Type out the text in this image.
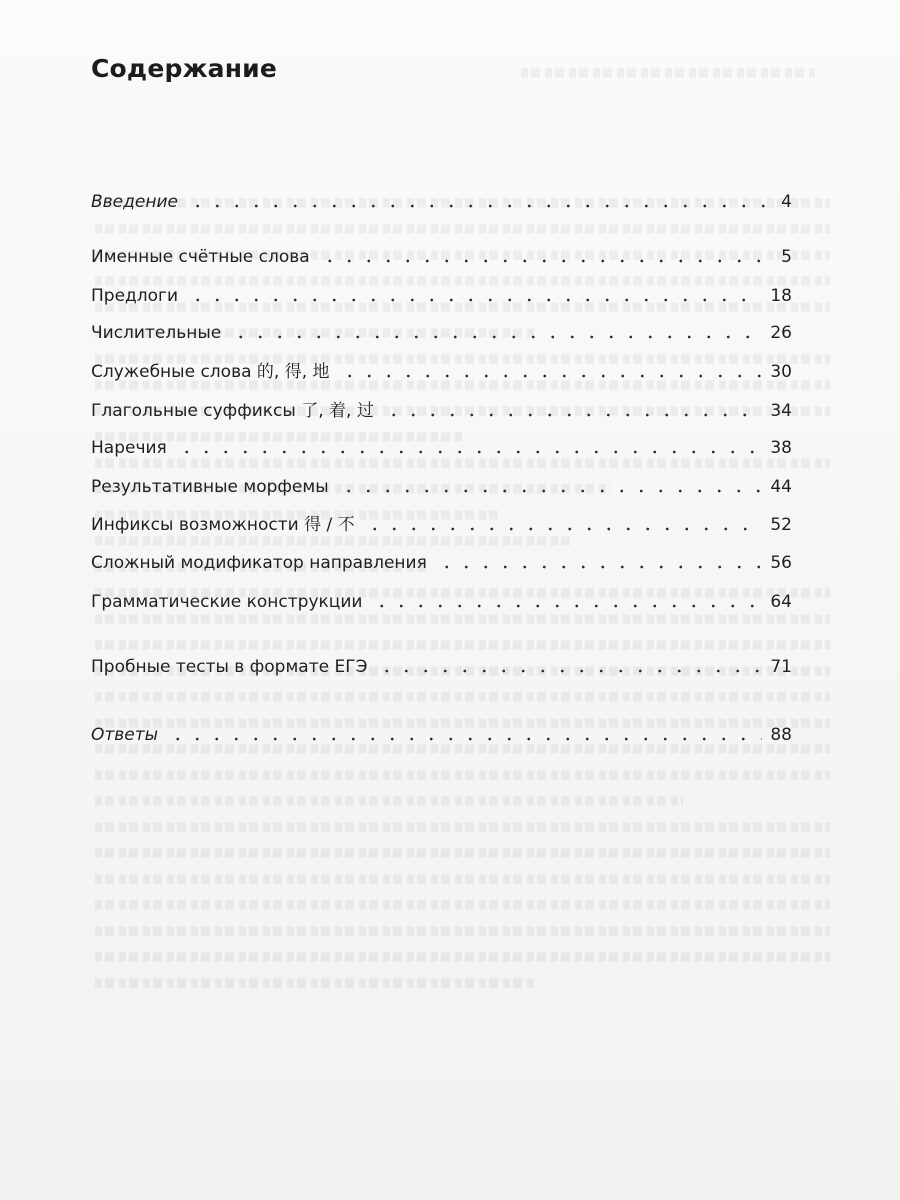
Содержание
Введение	4
Именные счётные слова	5
Предлоги	18
Числительные	26
Служебные слова 的, 得, 地	30
Глагольные суффиксы 了, 着, 过	34
Наречия	38
Результативные морфемы	44
Инфиксы возможности 得 / 不	52
Сложный модификатор направления	56
Грамматические конструкции	64
Пробные тесты в формате ЕГЭ	71
Ответы	88
